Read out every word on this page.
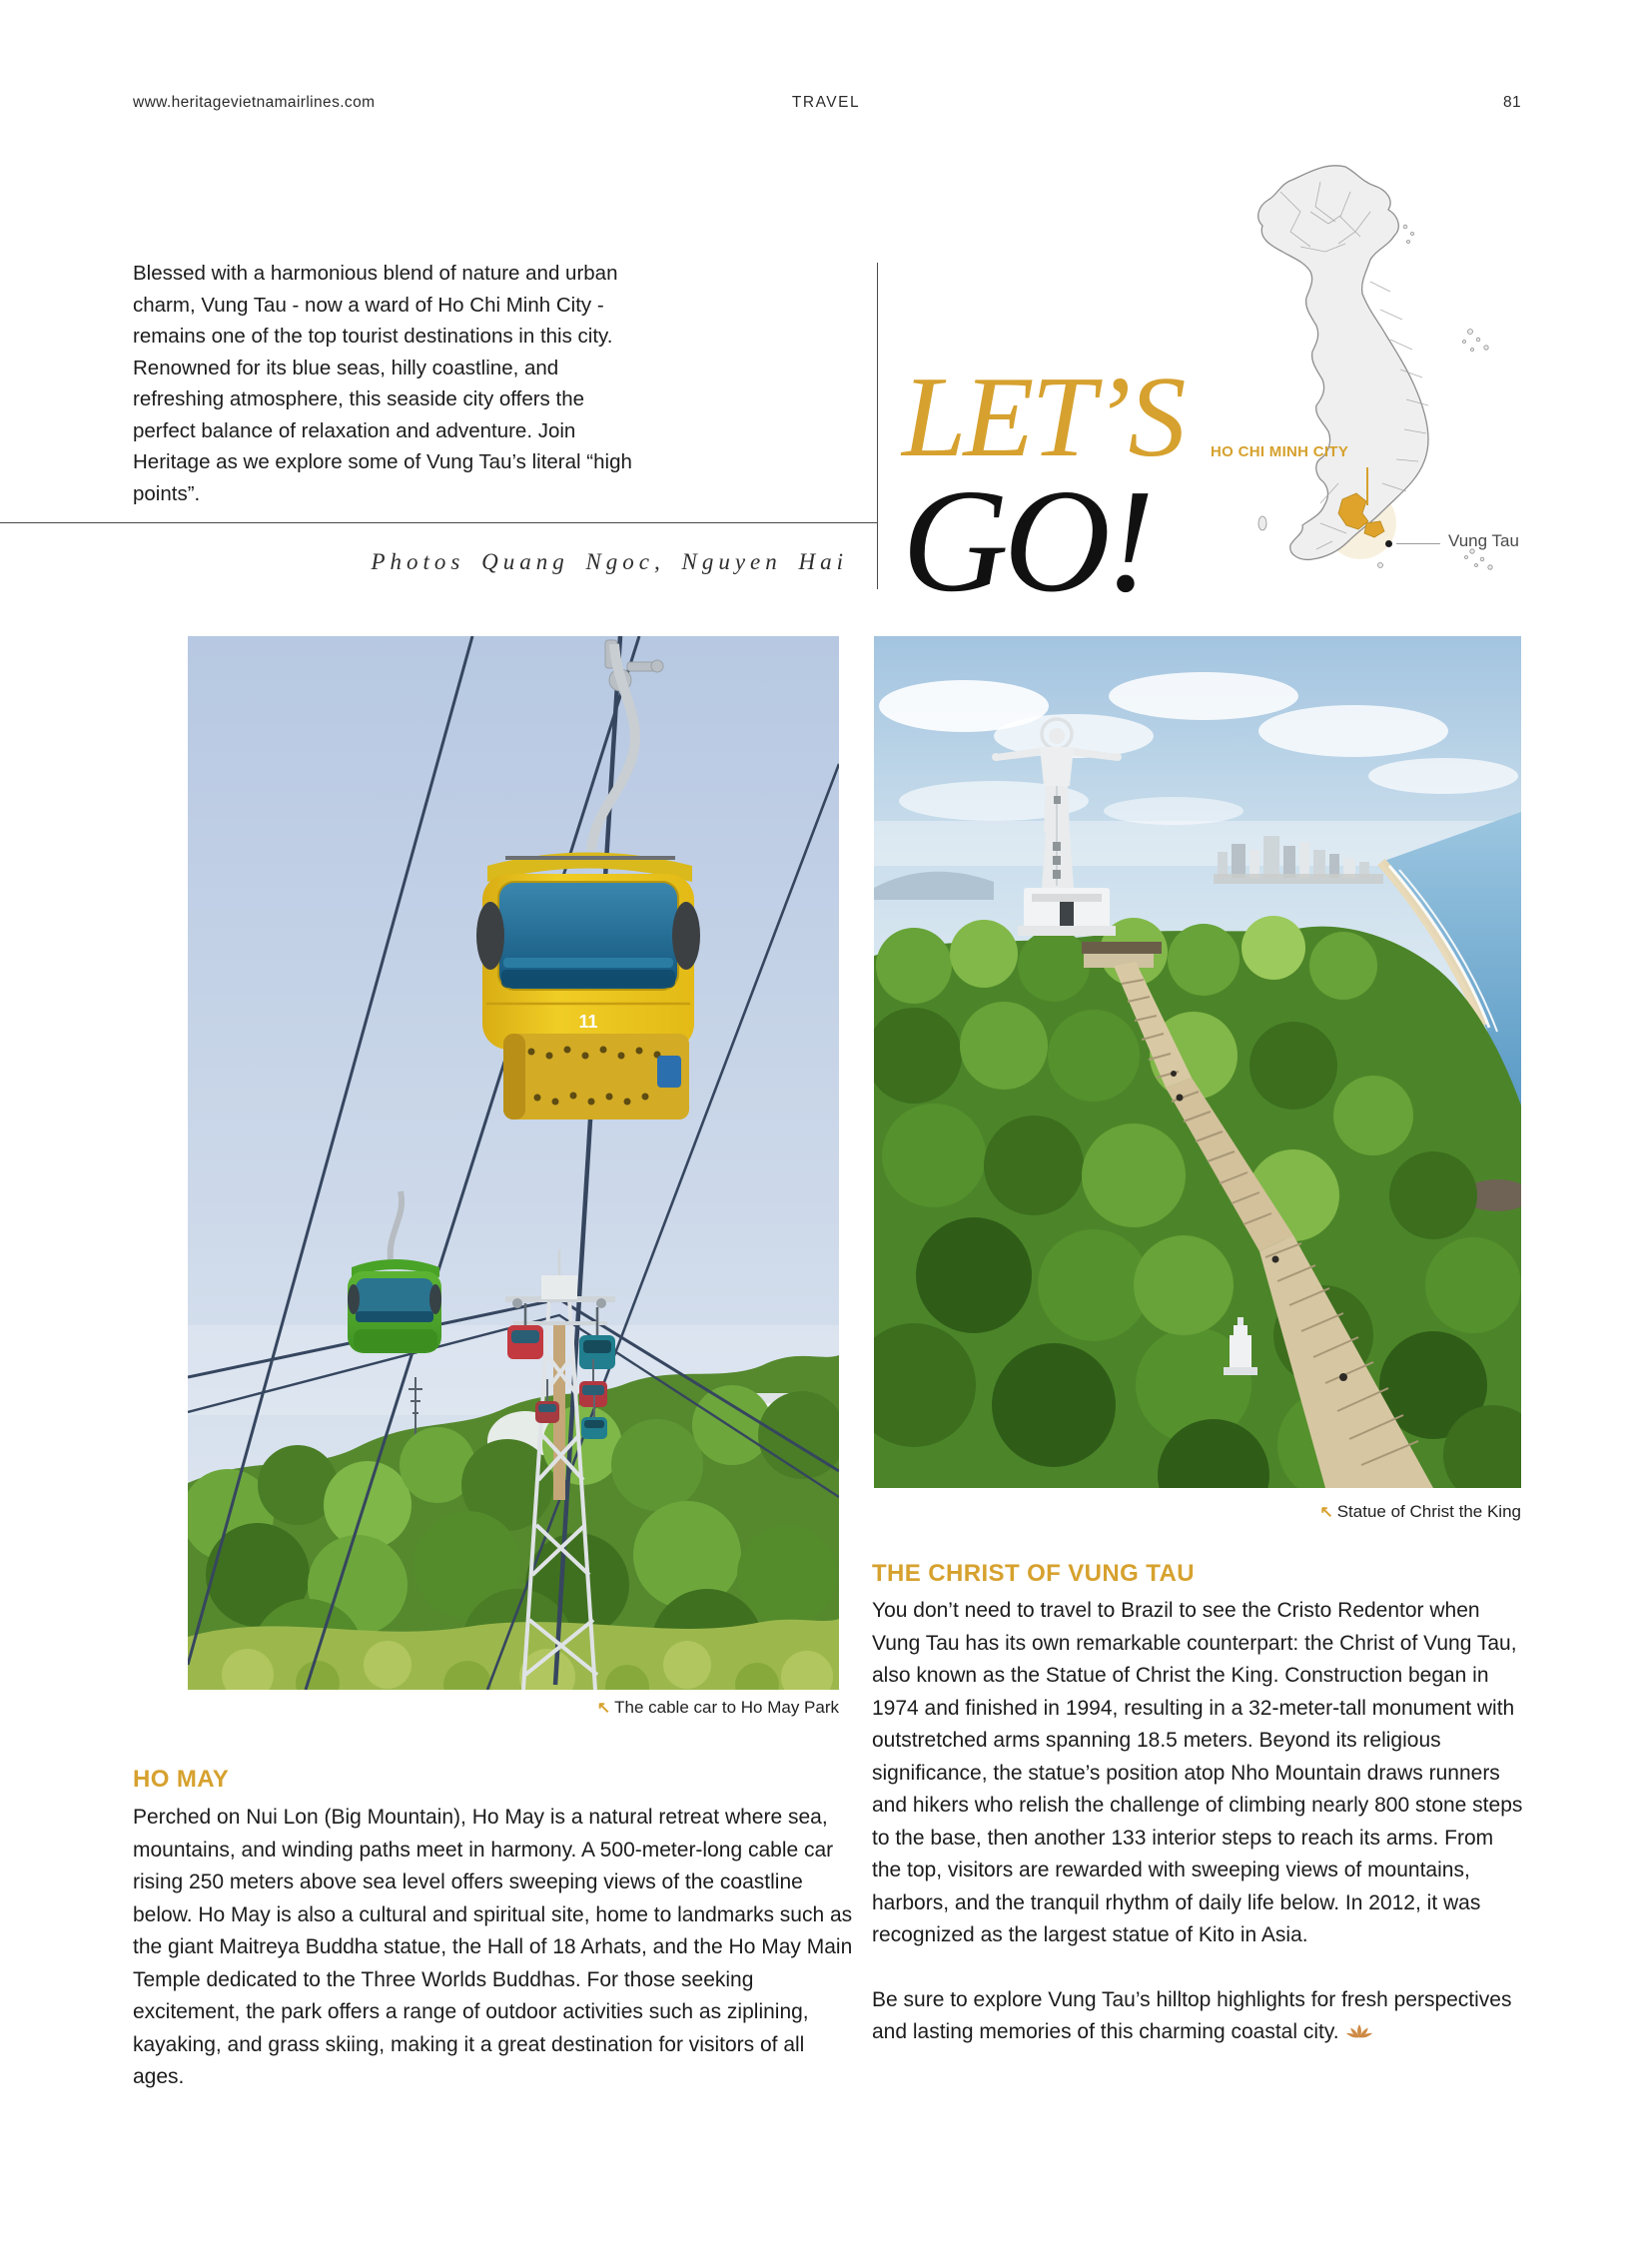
www.heritagevietnamairlines.com	TRAVEL	81
Blessed with a harmonious blend of nature and urban charm, Vung Tau - now a ward of Ho Chi Minh City - remains one of the top tourist destinations in this city. Renowned for its blue seas, hilly coastline, and refreshing atmosphere, this seaside city offers the perfect balance of relaxation and adventure. Join Heritage as we explore some of Vung Tau’s literal “high points”.
Photos Quang Ngoc, Nguyen Hai
LET’S
GO!
HO CHI MINH CITY
Vung Tau
11
↖ The cable car to Ho May Park
↖ Statue of Christ the King
HO MAY
Perched on Nui Lon (Big Mountain), Ho May is a natural retreat where sea, mountains, and winding paths meet in harmony. A 500-meter-long cable car rising 250 meters above sea level offers sweeping views of the coastline below. Ho May is also a cultural and spiritual site, home to landmarks such as the giant Maitreya Buddha statue, the Hall of 18 Arhats, and the Ho May Main Temple dedicated to the Three Worlds Buddhas. For those seeking excitement, the park offers a range of outdoor activities such as ziplining, kayaking, and grass skiing, making it a great destination for visitors of all ages.
THE CHRIST OF VUNG TAU

You don’t need to travel to Brazil to see the Cristo Redentor when Vung Tau has its own remarkable counterpart: the Christ of Vung Tau, also known as the Statue of Christ the King. Construction began in 1974 and finished in 1994, resulting in a 32-meter-tall monument with outstretched arms spanning 18.5 meters. Beyond its religious significance, the statue’s position atop Nho Mountain draws runners and hikers who relish the challenge of climbing nearly 800 stone steps to the base, then another 133 interior steps to reach its arms. From the top, visitors are rewarded with sweeping views of mountains, harbors, and the tranquil rhythm of daily life below. In 2012, it was recognized as the largest statue of Kito in Asia.

Be sure to explore Vung Tau’s hilltop highlights for fresh perspectives and lasting memories of this charming coastal city.
